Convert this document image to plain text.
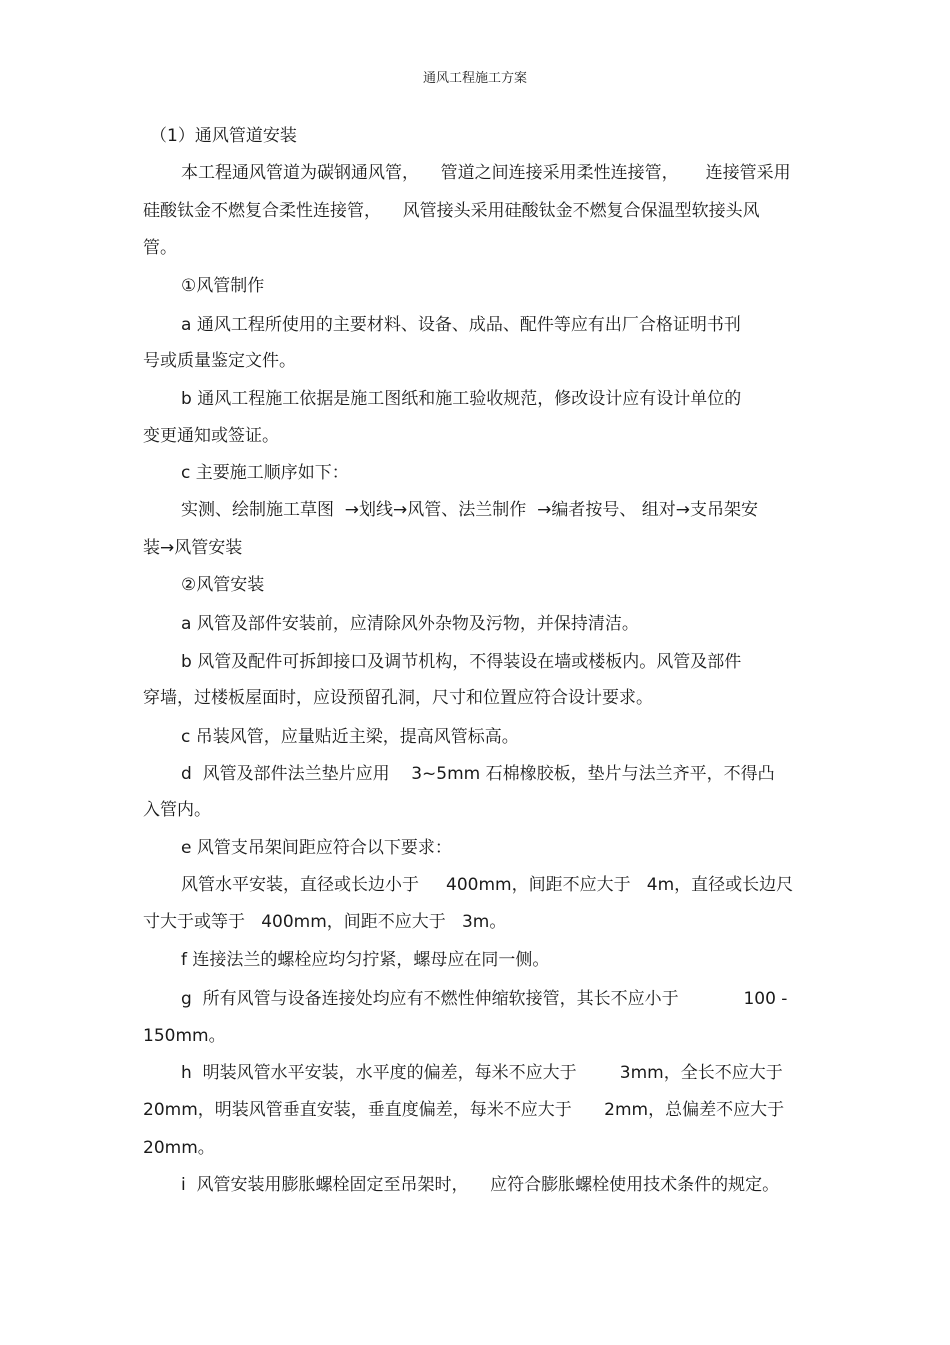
通风工程施工方案
（1）通风管道安装
本工程通风管道为碳钢通风管，    管道之间连接采用柔性连接管，     连接管采用
硅酸钛金不燃复合柔性连接管，    风管接头采用硅酸钛金不燃复合保温型软接头风
管。
①风管制作
a 通风工程所使用的主要材料、设备、成品、配件等应有出厂合格证明书刊
号或质量鉴定文件。
b 通风工程施工依据是施工图纸和施工验收规范，修改设计应有设计单位的
变更通知或签证。
c 主要施工顺序如下：
实测、绘制施工草图  →划线→风管、法兰制作  →编者按号、 组对→支吊架安
装→风管安装
②风管安装
a 风管及部件安装前，应清除风外杂物及污物，并保持清洁。
b 风管及配件可拆卸接口及调节机构，不得装设在墙或楼板内。风管及部件
穿墙，过楼板屋面时，应设预留孔洞，尺寸和位置应符合设计要求。
c 吊装风管，应量贴近主梁，提高风管标高。
d  风管及部件法兰垫片应用    3~5mm 石棉橡胶板，垫片与法兰齐平，不得凸
入管内。
e 风管支吊架间距应符合以下要求：
风管水平安装，直径或长边小于     400mm，间距不应大于   4m，直径或长边尺
寸大于或等于   400mm，间距不应大于   3m。
f 连接法兰的螺栓应均匀拧紧，螺母应在同一侧。
g  所有风管与设备连接处均应有不燃性伸缩软接管，其长不应小于            100 -
150mm。
h  明装风管水平安装，水平度的偏差，每米不应大于        3mm，全长不应大于
20mm，明装风管垂直安装，垂直度偏差，每米不应大于      2mm，总偏差不应大于
20mm。
i  风管安装用膨胀螺栓固定至吊架时，    应符合膨胀螺栓使用技术条件的规定。
